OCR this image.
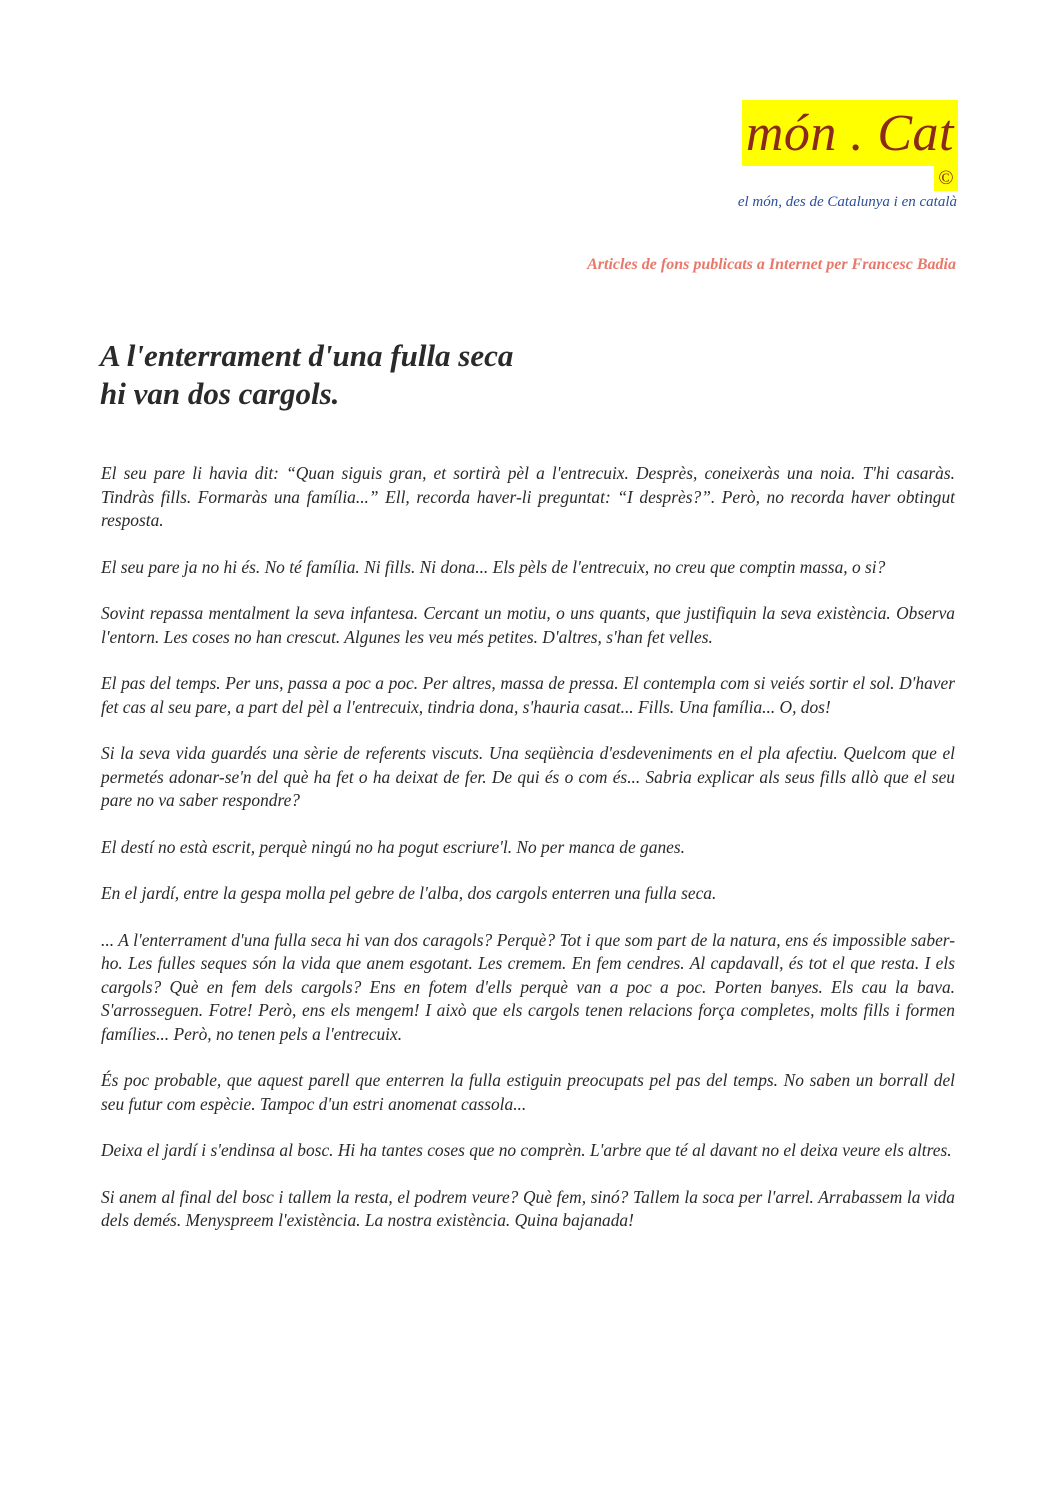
món . Cat
©
el món, des de Catalunya i en català
Articles de fons publicats a Internet per Francesc Badia
A l'enterrament d'una fulla seca
hi van dos cargols.

El seu pare li havia dit: “Quan siguis gran, et sortirà pèl a l'entrecuix. Desprès, coneixeràs una noia. T'hi casaràs. Tindràs fills. Formaràs una família...” Ell, recorda haver-li preguntat: “I desprès?”. Però, no recorda haver obtingut resposta.

El seu pare ja no hi és. No té família. Ni fills. Ni dona... Els pèls de l'entrecuix, no creu que comptin massa, o si?

Sovint repassa mentalment la seva infantesa. Cercant un motiu, o uns quants, que justifiquin la seva existència. Observa l'entorn. Les coses no han crescut. Algunes les veu més petites. D'altres, s'han fet velles.

El pas del temps. Per uns, passa a poc a poc. Per altres, massa de pressa. El contempla com si veiés sortir el sol. D'haver fet cas al seu pare, a part del pèl a l'entrecuix, tindria dona, s'hauria casat... Fills. Una família... O, dos!

Si la seva vida guardés una sèrie de referents viscuts. Una seqüència d'esdeveniments en el pla afectiu. Quelcom que el permetés adonar-se'n del què ha fet o ha deixat de fer. De qui és o com és... Sabria explicar als seus fills allò que el seu pare no va saber respondre?

El destí no està escrit, perquè ningú no ha pogut escriure'l. No per manca de ganes.

En el jardí, entre la gespa molla pel gebre de l'alba, dos cargols enterren una fulla seca.

... A l'enterrament d'una fulla seca hi van dos caragols? Perquè? Tot i que som part de la natura, ens és impossible saber-ho. Les fulles seques són la vida que anem esgotant. Les cremem. En fem cendres. Al capdavall, és tot el que resta. I els cargols? Què en fem dels cargols? Ens en fotem d'ells perquè van a poc a poc. Porten banyes. Els cau la bava. S'arrosseguen. Fotre! Però, ens els mengem! I això que els cargols tenen relacions força completes, molts fills i formen famílies... Però, no tenen pels a l'entrecuix.

És poc probable, que aquest parell que enterren la fulla estiguin preocupats pel pas del temps. No saben un borrall del seu futur com espècie. Tampoc d'un estri anomenat cassola...

Deixa el jardí i s'endinsa al bosc. Hi ha tantes coses que no comprèn. L'arbre que té al davant no el deixa veure els altres.

Si anem al final del bosc i tallem la resta, el podrem veure? Què fem, sinó? Tallem la soca per l'arrel. Arrabassem la vida dels demés. Menyspreem l'existència. La nostra existència. Quina bajanada!
